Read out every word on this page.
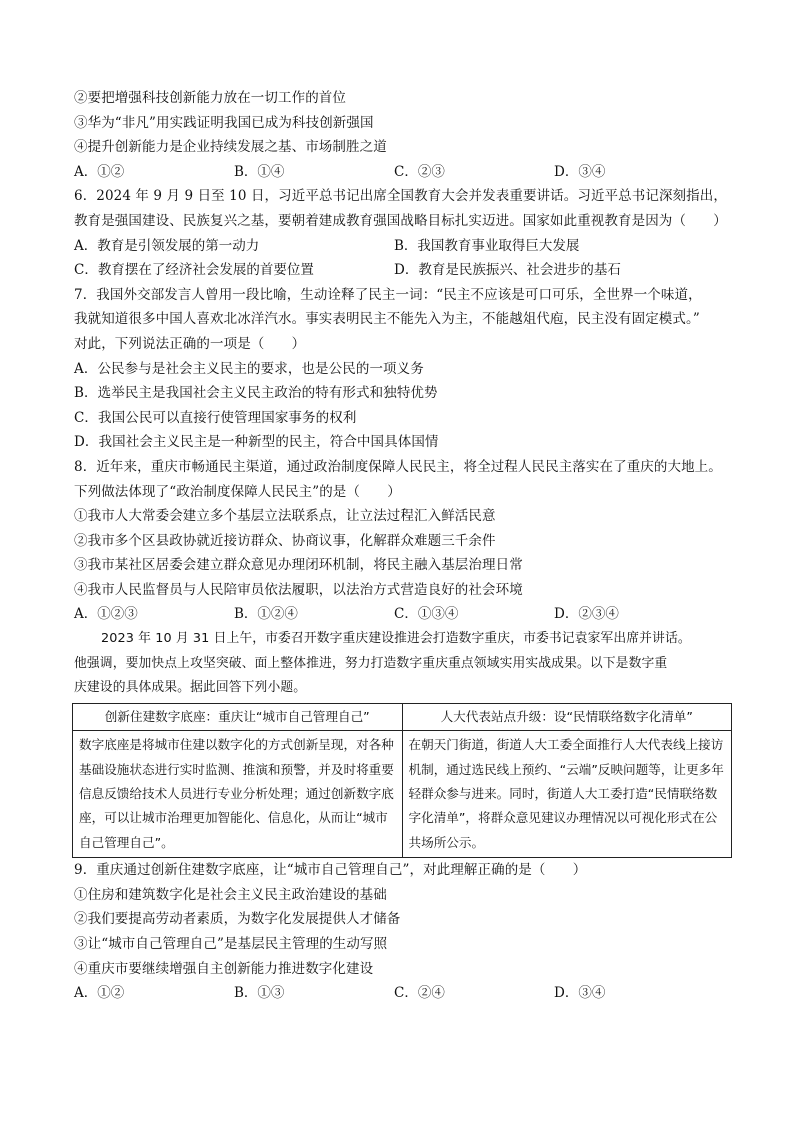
②要把增强科技创新能力放在一切工作的首位
③华为“非凡”用实践证明我国已成为科技创新强国
④提升创新能力是企业持续发展之基、市场制胜之道
A．①②	B．①④	C．②③	D．③④
6．2024 年 9 月 9 日至 10 日，习近平总书记出席全国教育大会并发表重要讲话。习近平总书记深刻指出，
教育是强国建设、民族复兴之基，要朝着建成教育强国战略目标扎实迈进。国家如此重视教育是因为（　　）
A．教育是引领发展的第一动力	B．我国教育事业取得巨大发展
C．教育摆在了经济社会发展的首要位置	D．教育是民族振兴、社会进步的基石
7．我国外交部发言人曾用一段比喻，生动诠释了民主一词：“民主不应该是可口可乐，全世界一个味道，
我就知道很多中国人喜欢北冰洋汽水。事实表明民主不能先入为主，不能越俎代庖，民主没有固定模式。”
对此，下列说法正确的一项是（　　）
A．公民参与是社会主义民主的要求，也是公民的一项义务
B．选举民主是我国社会主义民主政治的特有形式和独特优势
C．我国公民可以直接行使管理国家事务的权利
D．我国社会主义民主是一种新型的民主，符合中国具体国情
8．近年来，重庆市畅通民主渠道，通过政治制度保障人民民主，将全过程人民民主落实在了重庆的大地上。
下列做法体现了“政治制度保障人民民主”的是（　　）
①我市人大常委会建立多个基层立法联系点，让立法过程汇入鲜活民意
②我市多个区县政协就近接访群众、协商议事，化解群众难题三千余件
③我市某社区居委会建立群众意见办理闭环机制，将民主融入基层治理日常
④我市人民监督员与人民陪审员依法履职，以法治方式营造良好的社会环境
A．①②③	B．①②④	C．①③④	D．②③④
2023 年 10 月 31 日上午，市委召开数字重庆建设推进会打造数字重庆，市委书记袁家军出席并讲话。
他强调，要加快点上攻坚突破、面上整体推进，努力打造数字重庆重点领域实用实战成果。以下是数字重
庆建设的具体成果。据此回答下列小题。
创新住建数字底座：重庆让“城市自己管理自己”	人大代表站点升级：设“民情联络数字化清单”
数字底座是将城市住建以数字化的方式创新呈现，对各种基础设施状态进行实时监测、推演和预警，并及时将重要信息反馈给技术人员进行专业分析处理；通过创新数字底座，可以让城市治理更加智能化、信息化，从而让“城市自己管理自己”。	在朝天门街道，街道人大工委全面推行人大代表线上接访机制，通过选民线上预约、“云端”反映问题等，让更多年轻群众参与进来。同时，街道人大工委打造“民情联络数字化清单”，将群众意见建议办理情况以可视化形式在公共场所公示。
9．重庆通过创新住建数字底座，让“城市自己管理自己”，对此理解正确的是（　　）
①住房和建筑数字化是社会主义民主政治建设的基础
②我们要提高劳动者素质，为数字化发展提供人才储备
③让“城市自己管理自己”是基层民主管理的生动写照
④重庆市要继续增强自主创新能力推进数字化建设
A．①②	B．①③	C．②④	D．③④
